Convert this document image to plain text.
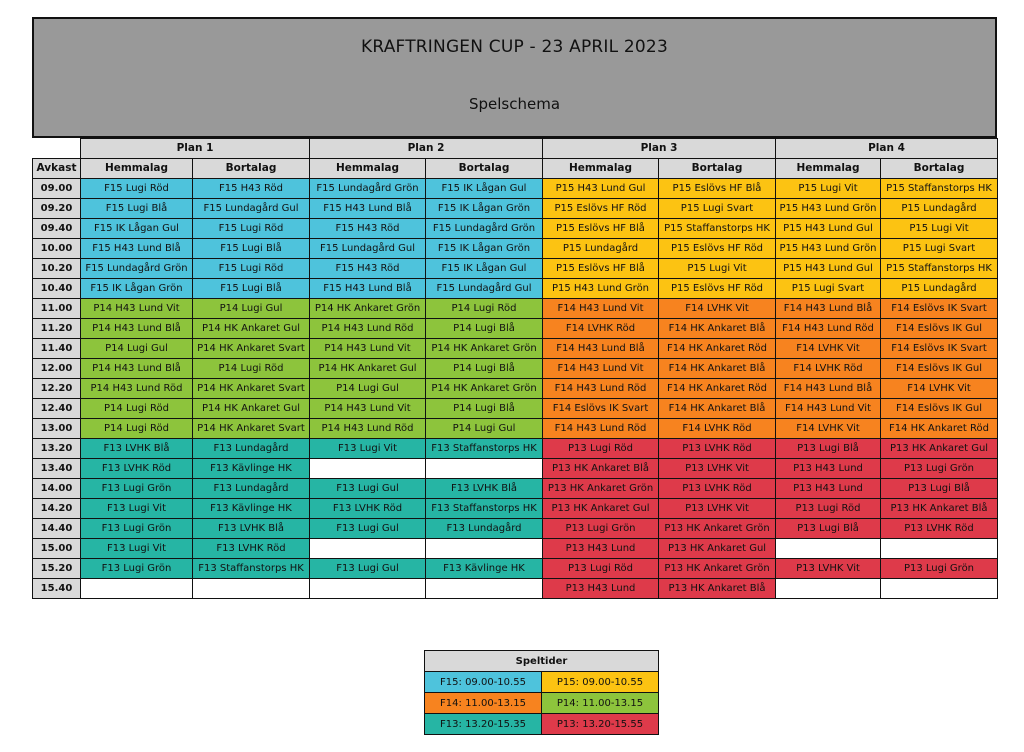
KRAFTRINGEN CUP - 23 APRIL 2023
Spelschema
	Plan 1		Plan 2		Plan 3		Plan 4	
Avkast	Hemmalag	Bortalag	Hemmalag	Bortalag	Hemmalag	Bortalag	Hemmalag	Bortalag
09.00	F15 Lugi Röd	F15 H43 Röd	F15 Lundagård Grön	F15 IK Lågan Gul	P15 H43 Lund Gul	P15 Eslövs HF Blå	P15 Lugi Vit	P15 Staffanstorps HK
09.20	F15 Lugi Blå	F15 Lundagård Gul	F15 H43 Lund Blå	F15 IK Lågan Grön	P15 Eslövs HF Röd	P15 Lugi Svart	P15 H43 Lund Grön	P15 Lundagård
09.40	F15 IK Lågan Gul	F15 Lugi Röd	F15 H43 Röd	F15 Lundagård Grön	P15 Eslövs HF Blå	P15 Staffanstorps HK	P15 H43 Lund Gul	P15 Lugi Vit
10.00	F15 H43 Lund Blå	F15 Lugi Blå	F15 Lundagård Gul	F15 IK Lågan Grön	P15 Lundagård	P15 Eslövs HF Röd	P15 H43 Lund Grön	P15 Lugi Svart
10.20	F15 Lundagård Grön	F15 Lugi Röd	F15 H43 Röd	F15 IK Lågan Gul	P15 Eslövs HF Blå	P15 Lugi Vit	P15 H43 Lund Gul	P15 Staffanstorps HK
10.40	F15 IK Lågan Grön	F15 Lugi Blå	F15 H43 Lund Blå	F15 Lundagård Gul	P15 H43 Lund Grön	P15 Eslövs HF Röd	P15 Lugi Svart	P15 Lundagård
11.00	P14 H43 Lund Vit	P14 Lugi Gul	P14 HK Ankaret Grön	P14 Lugi Röd	F14 H43 Lund Vit	F14 LVHK Vit	F14 H43 Lund Blå	F14 Eslövs IK Svart
11.20	P14 H43 Lund Blå	P14 HK Ankaret Gul	P14 H43 Lund Röd	P14 Lugi Blå	F14 LVHK Röd	F14 HK Ankaret Blå	F14 H43 Lund Röd	F14 Eslövs IK Gul
11.40	P14 Lugi Gul	P14 HK Ankaret Svart	P14 H43 Lund Vit	P14 HK Ankaret Grön	F14 H43 Lund Blå	F14 HK Ankaret Röd	F14 LVHK Vit	F14 Eslövs IK Svart
12.00	P14 H43 Lund Blå	P14 Lugi Röd	P14 HK Ankaret Gul	P14 Lugi Blå	F14 H43 Lund Vit	F14 HK Ankaret Blå	F14 LVHK Röd	F14 Eslövs IK Gul
12.20	P14 H43 Lund Röd	P14 HK Ankaret Svart	P14 Lugi Gul	P14 HK Ankaret Grön	F14 H43 Lund Röd	F14 HK Ankaret Röd	F14 H43 Lund Blå	F14 LVHK Vit
12.40	P14 Lugi Röd	P14 HK Ankaret Gul	P14 H43 Lund Vit	P14 Lugi Blå	F14 Eslövs IK Svart	F14 HK Ankaret Blå	F14 H43 Lund Vit	F14 Eslövs IK Gul
13.00	P14 Lugi Röd	P14 HK Ankaret Svart	P14 H43 Lund Röd	P14 Lugi Gul	F14 H43 Lund Röd	F14 LVHK Röd	F14 LVHK Vit	F14 HK Ankaret Röd
13.20	F13 LVHK Blå	F13 Lundagård	F13 Lugi Vit	F13 Staffanstorps HK	P13 Lugi Röd	P13 LVHK Röd	P13 Lugi Blå	P13 HK Ankaret Gul
13.40	F13 LVHK Röd	F13 Kävlinge HK			P13 HK Ankaret Blå	P13 LVHK Vit	P13 H43 Lund	P13 Lugi Grön
14.00	F13 Lugi Grön	F13 Lundagård	F13 Lugi Gul	F13 LVHK Blå	P13 HK Ankaret Grön	P13 LVHK Röd	P13 H43 Lund	P13 Lugi Blå
14.20	F13 Lugi Vit	F13 Kävlinge HK	F13 LVHK Röd	F13 Staffanstorps HK	P13 HK Ankaret Gul	P13 LVHK Vit	P13 Lugi Röd	P13 HK Ankaret Blå
14.40	F13 Lugi Grön	F13 LVHK Blå	F13 Lugi Gul	F13 Lundagård	P13 Lugi Grön	P13 HK Ankaret Grön	P13 Lugi Blå	P13 LVHK Röd
15.00	F13 Lugi Vit	F13 LVHK Röd			P13 H43 Lund	P13 HK Ankaret Gul		
15.20	F13 Lugi Grön	F13 Staffanstorps HK	F13 Lugi Gul	F13 Kävlinge HK	P13 Lugi Röd	P13 HK Ankaret Grön	P13 LVHK Vit	P13 Lugi Grön
15.40					P13 H43 Lund	P13 HK Ankaret Blå		
Speltider	
F15: 09.00-10.55	P15: 09.00-10.55
F14: 11.00-13.15	P14: 11.00-13.15
F13: 13.20-15.35	P13: 13.20-15.55
